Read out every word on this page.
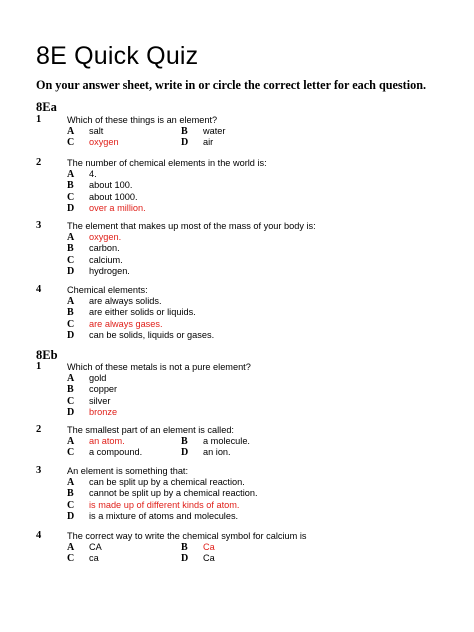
8E Quick Quiz
On your answer sheet, write in or circle the correct letter for each question.
8Ea
1	Which of these things is an element?
A salt	B water
C oxygen	D air
2	The number of chemical elements in the world is:
A 4.
B about 100.
C about 1000.
D over a million.
3	The element that makes up most of the mass of your body is:
A oxygen.
B carbon.
C calcium.
D hydrogen.
4	Chemical elements:
A are always solids.
B are either solids or liquids.
C are always gases.
D can be solids, liquids or gases.
8Eb
1	Which of these metals is not a pure element?
A gold
B copper
C silver
D bronze
2	The smallest part of an element is called:
A an atom.	B a molecule.
C a compound.	D an ion.
3	An element is something that:
A can be split up by a chemical reaction.
B cannot be split up by a chemical reaction.
C is made up of different kinds of atom.
D is a mixture of atoms and molecules.
4	The correct way to write the chemical symbol for calcium is
A CA	B Ca
C ca	D Ca
